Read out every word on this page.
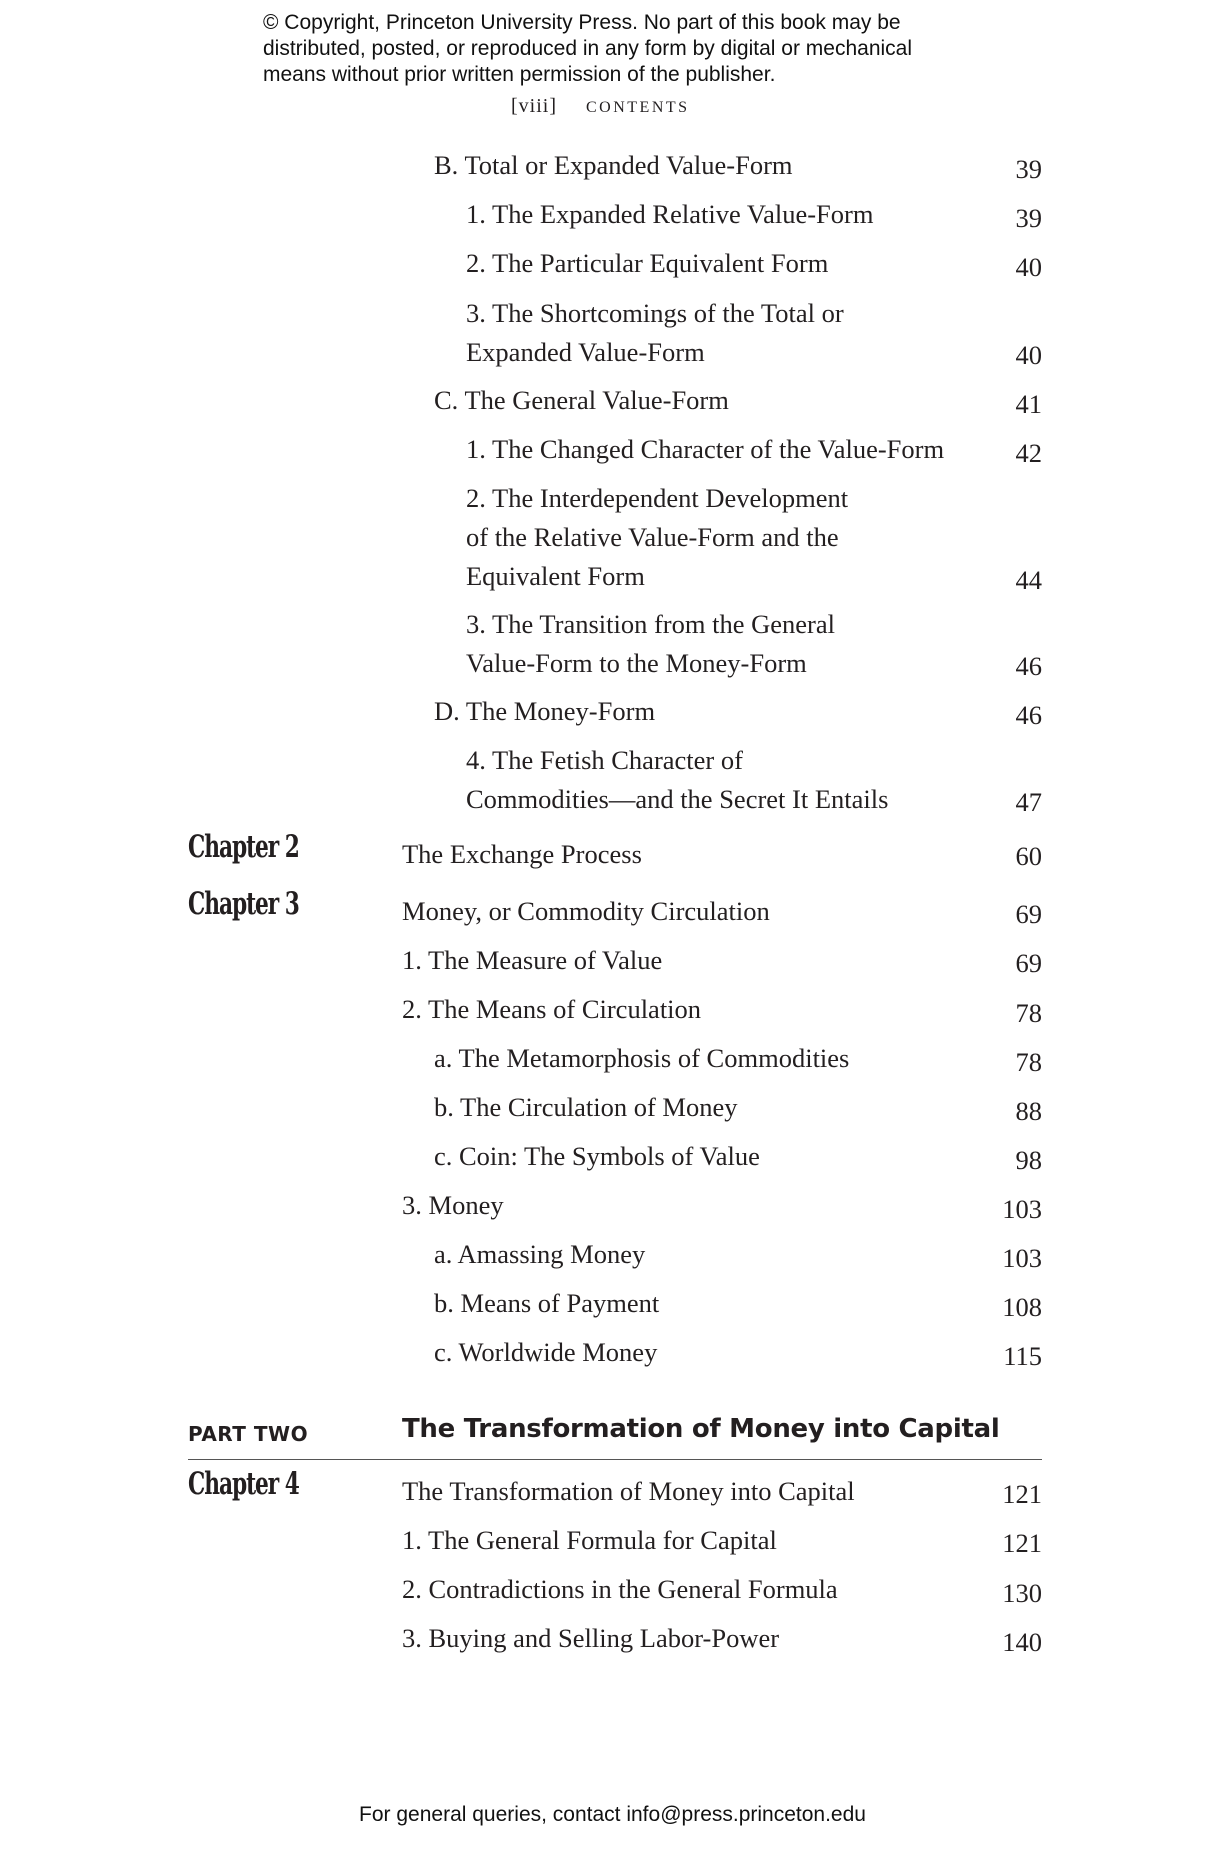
© Copyright, Princeton University Press. No part of this book may be
distributed, posted, or reproduced in any form by digital or mechanical
means without prior written permission of the publisher.
[viii] CONTENTS
B. Total or Expanded Value-Form	39
1. The Expanded Relative Value-Form	39
2. The Particular Equivalent Form	40
3. The Shortcomings of the Total or
Expanded Value-Form	40
C. The General Value-Form	41
1. The Changed Character of the Value-Form	42
2. The Interdependent Development
of the Relative Value-Form and the
Equivalent Form	44
3. The Transition from the General
Value-Form to the Money-Form	46
D. The Money-Form	46
4. The Fetish Character of
Commodities—and the Secret It Entails	47
Chapter 2	The Exchange Process	60
Chapter 3	Money, or Commodity Circulation	69
1. The Measure of Value	69
2. The Means of Circulation	78
a. The Metamorphosis of Commodities	78
b. The Circulation of Money	88
c. Coin: The Symbols of Value	98
3. Money	103
a. Amassing Money	103
b. Means of Payment	108
c. Worldwide Money	115
PART TWO	The Transformation of Money into Capital
Chapter 4	The Transformation of Money into Capital	121
1. The General Formula for Capital	121
2. Contradictions in the General Formula	130
3. Buying and Selling Labor-Power	140
For general queries, contact info@press.princeton.edu
